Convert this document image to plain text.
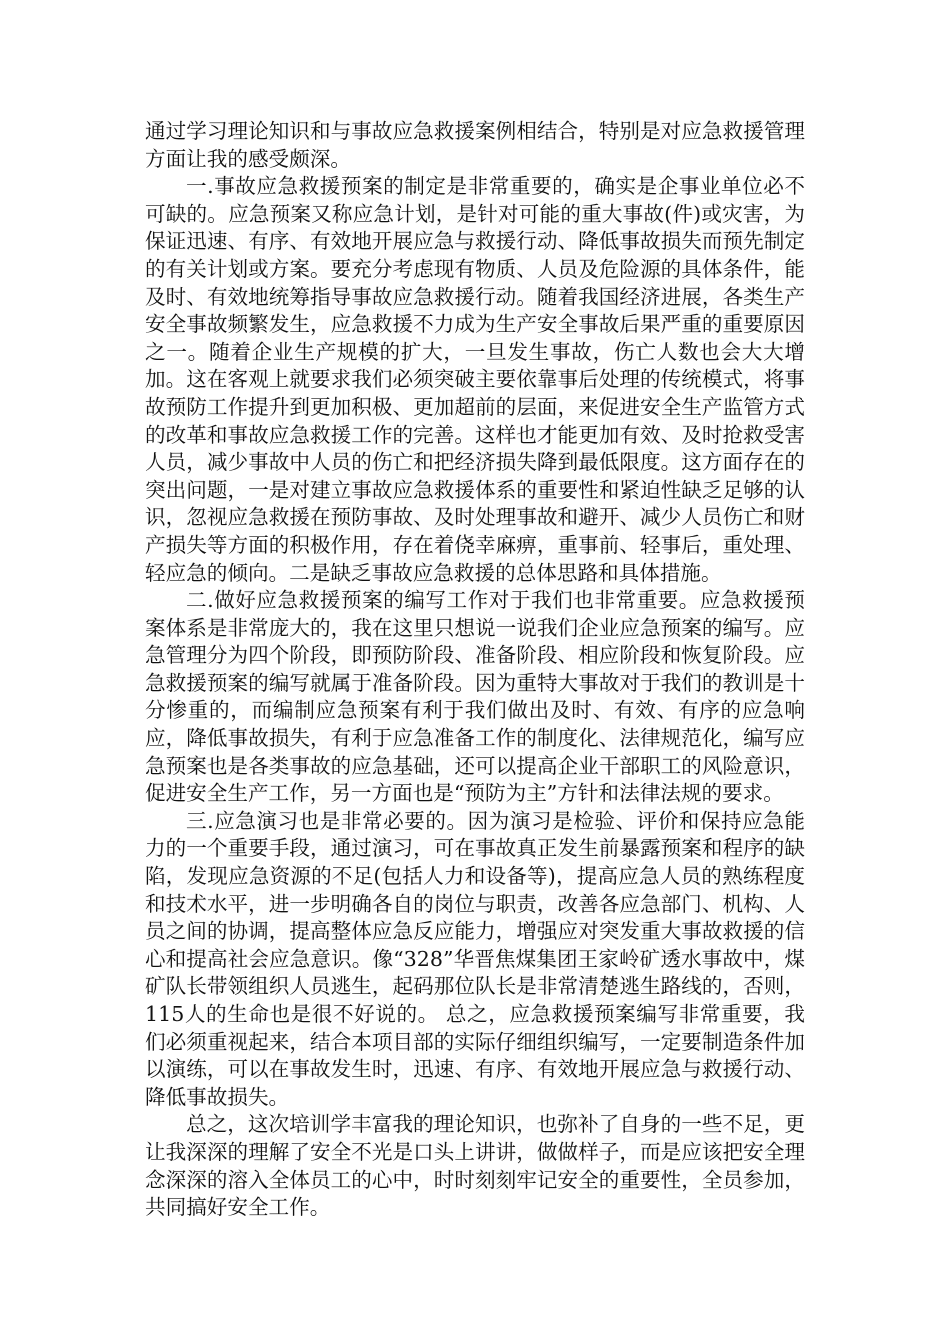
通过学习理论知识和与事故应急救援案例相结合，特别是对应急救援管理方面让我的感受颇深。

一.事故应急救援预案的制定是非常重要的，确实是企事业单位必不可缺的。应急预案又称应急计划，是针对可能的重大事故(件)或灾害，为保证迅速、有序、有效地开展应急与救援行动、降低事故损失而预先制定的有关计划或方案。要充分考虑现有物质、人员及危险源的具体条件，能及时、有效地统筹指导事故应急救援行动。随着我国经济进展，各类生产安全事故频繁发生，应急救援不力成为生产安全事故后果严重的重要原因之一。随着企业生产规模的扩大，一旦发生事故，伤亡人数也会大大增加。这在客观上就要求我们必须突破主要依靠事后处理的传统模式，将事故预防工作提升到更加积极、更加超前的层面，来促进安全生产监管方式的改革和事故应急救援工作的完善。这样也才能更加有效、及时抢救受害人员，减少事故中人员的伤亡和把经济损失降到最低限度。这方面存在的突出问题，一是对建立事故应急救援体系的重要性和紧迫性缺乏足够的认识，忽视应急救援在预防事故、及时处理事故和避开、减少人员伤亡和财产损失等方面的积极作用，存在着侥幸麻痹，重事前、轻事后，重处理、轻应急的倾向。二是缺乏事故应急救援的总体思路和具体措施。

二.做好应急救援预案的编写工作对于我们也非常重要。应急救援预案体系是非常庞大的，我在这里只想说一说我们企业应急预案的编写。应急管理分为四个阶段，即预防阶段、准备阶段、相应阶段和恢复阶段。应急救援预案的编写就属于准备阶段。因为重特大事故对于我们的教训是十分惨重的，而编制应急预案有利于我们做出及时、有效、有序的应急响应，降低事故损失，有利于应急准备工作的制度化、法律规范化，编写应急预案也是各类事故的应急基础，还可以提高企业干部职工的风险意识，促进安全生产工作，另一方面也是“预防为主”方针和法律法规的要求。

三.应急演习也是非常必要的。因为演习是检验、评价和保持应急能力的一个重要手段，通过演习，可在事故真正发生前暴露预案和程序的缺陷，发现应急资源的不足(包括人力和设备等)，提高应急人员的熟练程度和技术水平，进一步明确各自的岗位与职责，改善各应急部门、机构、人员之间的协调，提高整体应急反应能力，增强应对突发重大事故救援的信心和提高社会应急意识。像“328”华晋焦煤集团王家岭矿透水事故中，煤矿队长带领组织人员逃生，起码那位队长是非常清楚逃生路线的，否则，115人的生命也是很不好说的。 总之，应急救援预案编写非常重要，我们必须重视起来，结合本项目部的实际仔细组织编写，一定要制造条件加以演练，可以在事故发生时，迅速、有序、有效地开展应急与救援行动、降低事故损失。

总之，这次培训学丰富我的理论知识，也弥补了自身的一些不足，更让我深深的理解了安全不光是口头上讲讲，做做样子，而是应该把安全理念深深的溶入全体员工的心中，时时刻刻牢记安全的重要性，全员参加，共同搞好安全工作。
